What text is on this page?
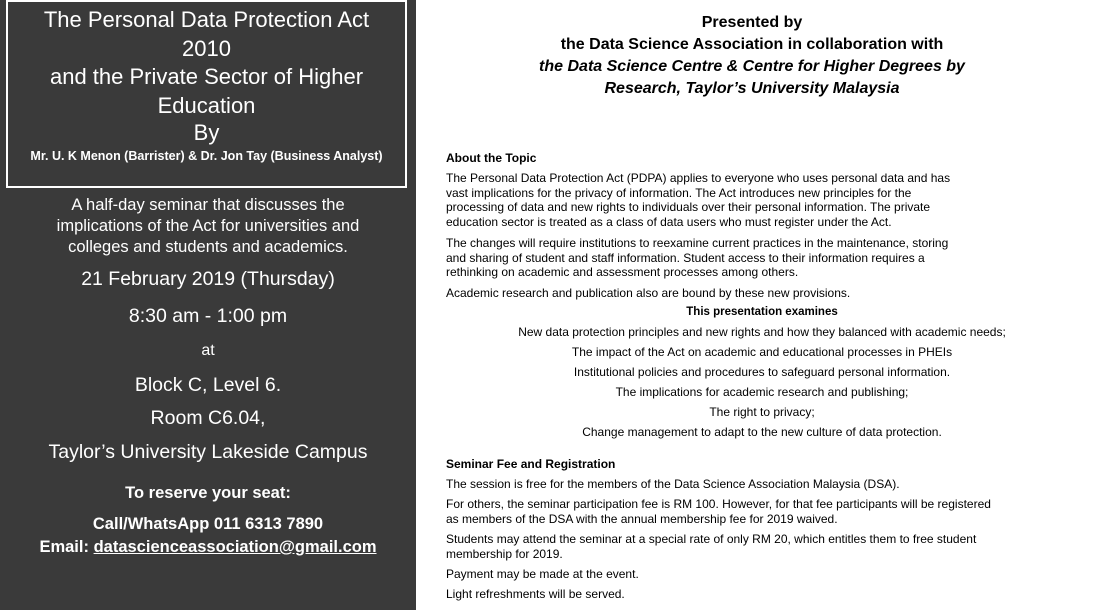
The Personal Data Protection Act
2010
and the Private Sector of Higher
Education
By
Mr. U. K Menon (Barrister) & Dr. Jon Tay (Business Analyst)
A half-day seminar that discusses the
implications of the Act for universities and
colleges and students and academics.
21 February 2019 (Thursday)
8:30 am - 1:00 pm
at
Block C, Level 6.
Room C6.04,
Taylor’s University Lakeside Campus
To reserve your seat:
Call/WhatsApp 011 6313 7890
Email: datascienceassociation@gmail.com
Presented by
the Data Science Association in collaboration with
the Data Science Centre & Centre for Higher Degrees by
Research, Taylor’s University Malaysia
About the Topic
The Personal Data Protection Act (PDPA) applies to everyone who uses personal data and has
vast implications for the privacy of information. The Act introduces new principles for the
processing of data and new rights to individuals over their personal information. The private
education sector is treated as a class of data users who must register under the Act.
The changes will require institutions to reexamine current practices in the maintenance, storing
and sharing of student and staff information. Student access to their information requires a
rethinking on academic and assessment processes among others.
Academic research and publication also are bound by these new provisions.
This presentation examines
New data protection principles and new rights and how they balanced with academic needs;
The impact of the Act on academic and educational processes in PHEIs
Institutional policies and procedures to safeguard personal information.
The implications for academic research and publishing;
The right to privacy;
Change management to adapt to the new culture of data protection.
Seminar Fee and Registration
The session is free for the members of the Data Science Association Malaysia (DSA).
For others, the seminar participation fee is RM 100. However, for that fee participants will be registered
as members of the DSA with the annual membership fee for 2019 waived.
Students may attend the seminar at a special rate of only RM 20, which entitles them to free student
membership for 2019.
Payment may be made at the event.
Light refreshments will be served.
